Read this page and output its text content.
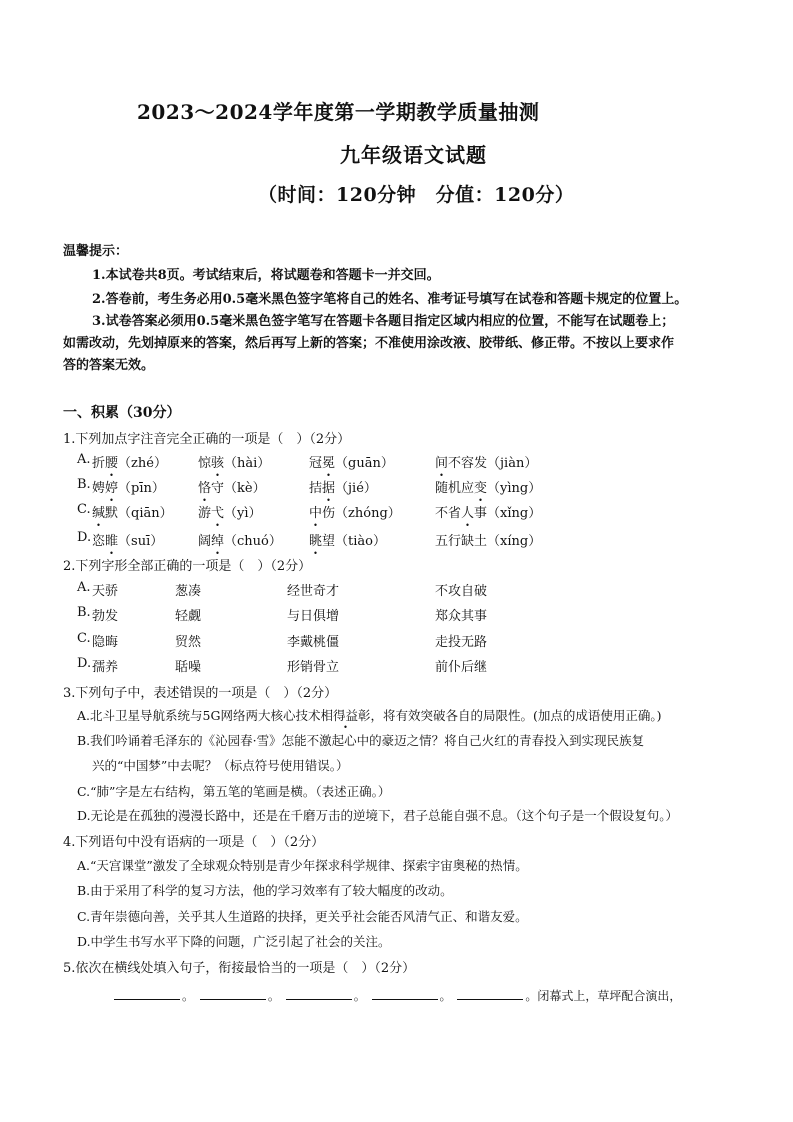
2023～2024学年度第一学期教学质量抽测
九年级语文试题
（时间：120分钟　分值：120分）
温馨提示：
1.本试卷共8页。考试结束后，将试题卷和答题卡一并交回。
2.答卷前，考生务必用0.5毫米黑色签字笔将自己的姓名、准考证号填写在试卷和答题卡规定的位置上。
3.试卷答案必须用0.5毫米黑色签字笔写在答题卡各题目指定区域内相应的位置，不能写在试题卷上；
如需改动，先划掉原来的答案，然后再写上新的答案；不准使用涂改液、胶带纸、修正带。不按以上要求作
答的答案无效。
一、积累（30分）
1.下列加点字注音完全正确的一项是（　）（2分）
A. 折腰（zhé） 惊骇（hài）	冠冕（guān）	间不容发（jiàn）
B. 娉婷（pīn）	恪守（kè）	拮据（jié）	随机应变（yìng）
C. 缄默（qiān） 游弋（yì）	中伤（zhóng）	不省人事（xǐng）
D. 恣睢（suī）	阔绰（chuó） 眺望（tiào）	五行缺土（xíng）
2.下列字形全部正确的一项是（　）（2分）
A. 天骄	葱凑	经世奇才	不攻自破
B. 勃发	轻觑	与日俱增	郑众其事
C. 隐晦	贸然	李戴桃僵	走投无路
D. 孺养	聒噪	形销骨立	前仆后继
3.下列句子中，表述错误的一项是（　）（2分）
A.北斗卫星导航系统与5G网络两大核心技术相得益彰，将有效突破各自的局限性。(加点的成语使用正确。)
B.我们吟诵着毛泽东的《沁园春·雪》怎能不激起心中的豪迈之情？将自己火红的青春投入到实现民族复
兴的“中国梦”中去呢？（标点符号使用错误。）
C.“肺”字是左右结构，第五笔的笔画是横。（表述正确。）
D.无论是在孤独的漫漫长路中，还是在千磨万击的逆境下，君子总能自强不息。（这个句子是一个假设复句。）
4.下列语句中没有语病的一项是（　）（2分）
A.“天宫课堂”激发了全球观众特别是青少年探求科学规律、探索宇宙奥秘的热情。
B.由于采用了科学的复习方法，他的学习效率有了较大幅度的改动。
C.青年崇德向善，关乎其人生道路的抉择，更关乎社会能否风清气正、和谐友爱。
D.中学生书写水平下降的问题，广泛引起了社会的关注。
5.依次在横线处填入句子，衔接最恰当的一项是（　）（2分）
。	。	。	。	。闭幕式上，草坪配合演出，
